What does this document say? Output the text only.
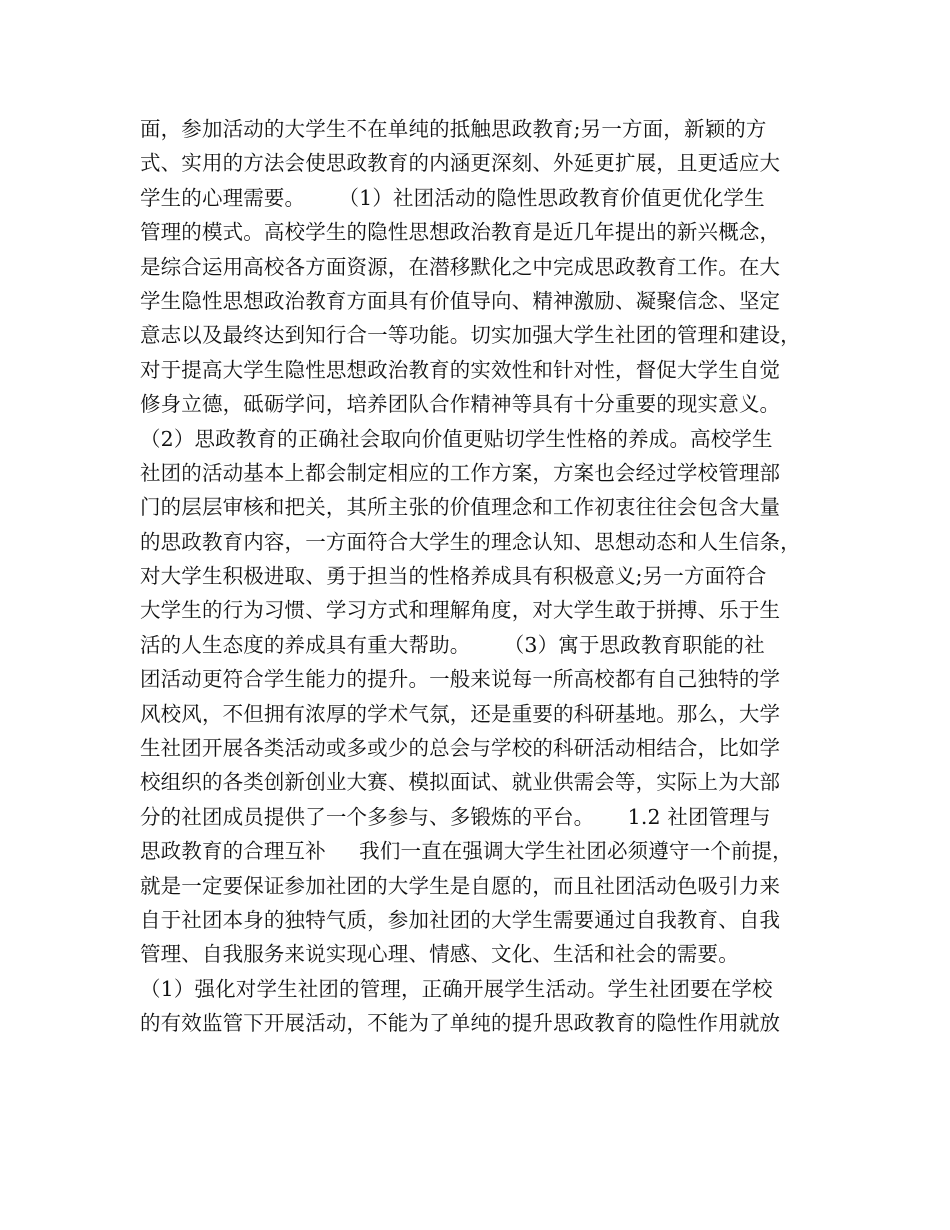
面，参加活动的大学生不在单纯的抵触思政教育;另一方面，新颖的方
式、实用的方法会使思政教育的内涵更深刻、外延更扩展，且更适应大
学生的心理需要。     （1）社团活动的隐性思政教育价值更优化学生
管理的模式。高校学生的隐性思想政治教育是近几年提出的新兴概念，
是综合运用高校各方面资源，在潜移默化之中完成思政教育工作。在大
学生隐性思想政治教育方面具有价值导向、精神激励、凝聚信念、坚定
意志以及最终达到知行合一等功能。切实加强大学生社团的管理和建设，
对于提高大学生隐性思想政治教育的实效性和针对性，督促大学生自觉
修身立德，砥砺学问，培养团队合作精神等具有十分重要的现实意义。
（2）思政教育的正确社会取向价值更贴切学生性格的养成。高校学生
社团的活动基本上都会制定相应的工作方案，方案也会经过学校管理部
门的层层审核和把关，其所主张的价值理念和工作初衷往往会包含大量
的思政教育内容，一方面符合大学生的理念认知、思想动态和人生信条，
对大学生积极进取、勇于担当的性格养成具有积极意义;另一方面符合
大学生的行为习惯、学习方式和理解角度，对大学生敢于拼搏、乐于生
活的人生态度的养成具有重大帮助。     （3）寓于思政教育职能的社
团活动更符合学生能力的提升。一般来说每一所高校都有自己独特的学
风校风，不但拥有浓厚的学术气氛，还是重要的科研基地。那么，大学
生社团开展各类活动或多或少的总会与学校的科研活动相结合，比如学
校组织的各类创新创业大赛、模拟面试、就业供需会等，实际上为大部
分的社团成员提供了一个多参与、多锻炼的平台。     1.2 社团管理与
思政教育的合理互补     我们一直在强调大学生社团必须遵守一个前提，
就是一定要保证参加社团的大学生是自愿的，而且社团活动色吸引力来
自于社团本身的独特气质，参加社团的大学生需要通过自我教育、自我
管理、自我服务来说实现心理、情感、文化、生活和社会的需要。
（1）强化对学生社团的管理，正确开展学生活动。学生社团要在学校
的有效监管下开展活动，不能为了单纯的提升思政教育的隐性作用就放
